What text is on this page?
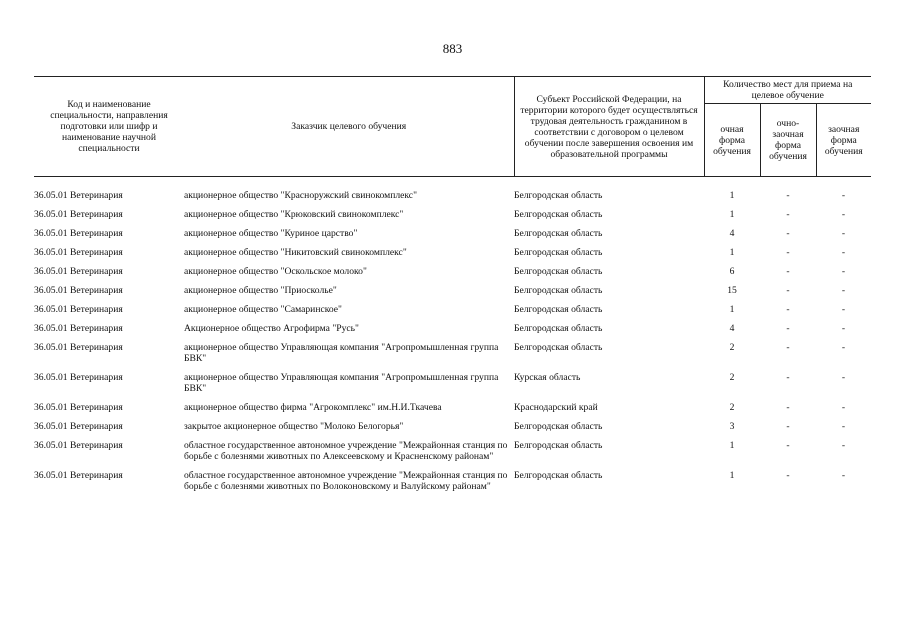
883
Код и наименование специальности, направления подготовки или шифр и наименование научной специальности	Заказчик целевого обучения	Субъект Российской Федерации, на территории которого будет осуществляться трудовая деятельность гражданином в соответствии с договором о целевом обучении после завершения освоения им образовательной программы	Количество мест для приема на целевое обучение		
			очная форма обучения	очно-заочная форма обучения	заочная форма обучения

36.05.01 Ветеринария	акционерное общество "Красноружский свинокомплекс"	Белгородская область	1	-	-
36.05.01 Ветеринария	акционерное общество "Крюковский свинокомплекс"	Белгородская область	1	-	-
36.05.01 Ветеринария	акционерное общество "Куриное царство"	Белгородская область	4	-	-
36.05.01 Ветеринария	акционерное общество "Никитовский свинокомплекс"	Белгородская область	1	-	-
36.05.01 Ветеринария	акционерное общество "Оскольское молоко"	Белгородская область	6	-	-
36.05.01 Ветеринария	акционерное общество "Приосколье"	Белгородская область	15	-	-
36.05.01 Ветеринария	акционерное общество "Самаринское"	Белгородская область	1	-	-
36.05.01 Ветеринария	Акционерное общество Агрофирма "Русь"	Белгородская область	4	-	-
36.05.01 Ветеринария	акционерное общество Управляющая компания "Агропромышленная группа БВК"	Белгородская область	2	-	-
36.05.01 Ветеринария	акционерное общество Управляющая компания "Агропромышленная группа БВК"	Курская область	2	-	-
36.05.01 Ветеринария	акционерное общество фирма "Агрокомплекс" им.Н.И.Ткачева	Краснодарский край	2	-	-
36.05.01 Ветеринария	закрытое акционерное общество "Молоко Белогорья"	Белгородская область	3	-	-
36.05.01 Ветеринария	областное государственное автономное учреждение "Межрайонная станция по борьбе с болезнями животных по Алексеевскому и Красненскому районам"	Белгородская область	1	-	-
36.05.01 Ветеринария	областное государственное автономное учреждение "Межрайонная станция по борьбе с болезнями животных по Волоконовскому и Валуйскому районам"	Белгородская область	1	-	-
